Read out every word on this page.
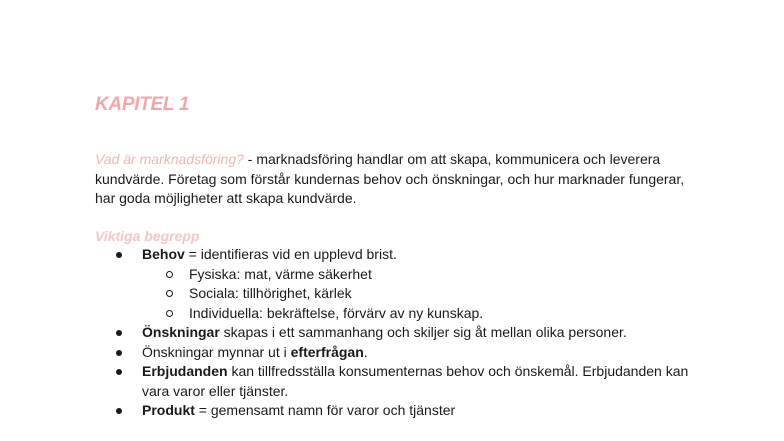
KAPITEL 1

Vad är marknadsföring? - marknadsföring handlar om att skapa, kommunicera och leverera kundvärde. Företag som förstår kundernas behov och önskningar, och hur marknader fungerar, har goda möjligheter att skapa kundvärde.

Viktiga begrepp
Behov = identifieras vid en upplevd brist.
Fysiska: mat, värme säkerhet
Sociala: tillhörighet, kärlek
Individuella: bekräftelse, förvärv av ny kunskap.
Önskningar skapas i ett sammanhang och skiljer sig åt mellan olika personer.
Önskningar mynnar ut i efterfrågan.
Erbjudanden kan tillfredsställa konsumenternas behov och önskemål. Erbjudanden kan vara varor eller tjänster.
Produkt = gemensamt namn för varor och tjänster
